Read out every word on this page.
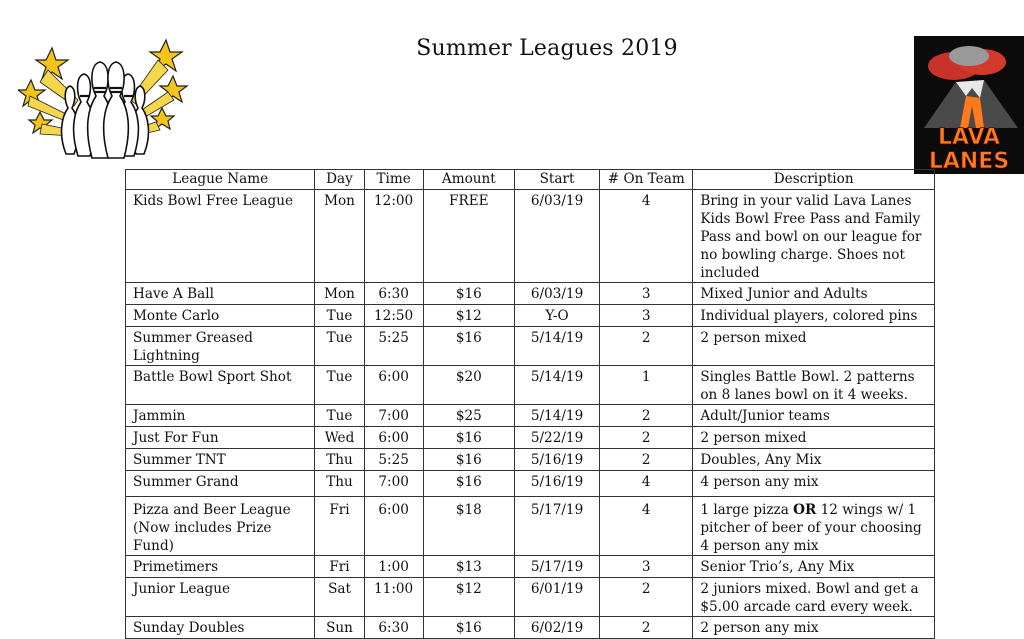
Summer Leagues 2019
LAVA
LANES
League Name	Day	Time	Amount	Start	# On Team	Description
Kids Bowl Free League	Mon	12:00	FREE	6/03/19	4	Bring in your valid Lava Lanes Kids Bowl Free Pass and Family Pass and bowl on our league for no bowling charge. Shoes not included
Have A Ball	Mon	6:30	$16	6/03/19	3	Mixed Junior and Adults
Monte Carlo	Tue	12:50	$12	Y-O	3	Individual players, colored pins
Summer Greased Lightning	Tue	5:25	$16	5/14/19	2	2 person mixed
Battle Bowl Sport Shot	Tue	6:00	$20	5/14/19	1	Singles Battle Bowl. 2 patterns on 8 lanes bowl on it 4 weeks.
Jammin	Tue	7:00	$25	5/14/19	2	Adult/Junior teams
Just For Fun	Wed	6:00	$16	5/22/19	2	2 person mixed
Summer TNT	Thu	5:25	$16	5/16/19	2	Doubles, Any Mix
Summer Grand	Thu	7:00	$16	5/16/19	4	4 person any mix
Pizza and Beer League (Now includes Prize Fund)	Fri	6:00	$18	5/17/19	4	1 large pizza OR 12 wings w/ 1 pitcher of beer of your choosing 4 person any mix
Primetimers	Fri	1:00	$13	5/17/19	3	Senior Trio’s, Any Mix
Junior League	Sat	11:00	$12	6/01/19	2	2 juniors mixed. Bowl and get a $5.00 arcade card every week.
Sunday Doubles	Sun	6:30	$16	6/02/19	2	2 person any mix
